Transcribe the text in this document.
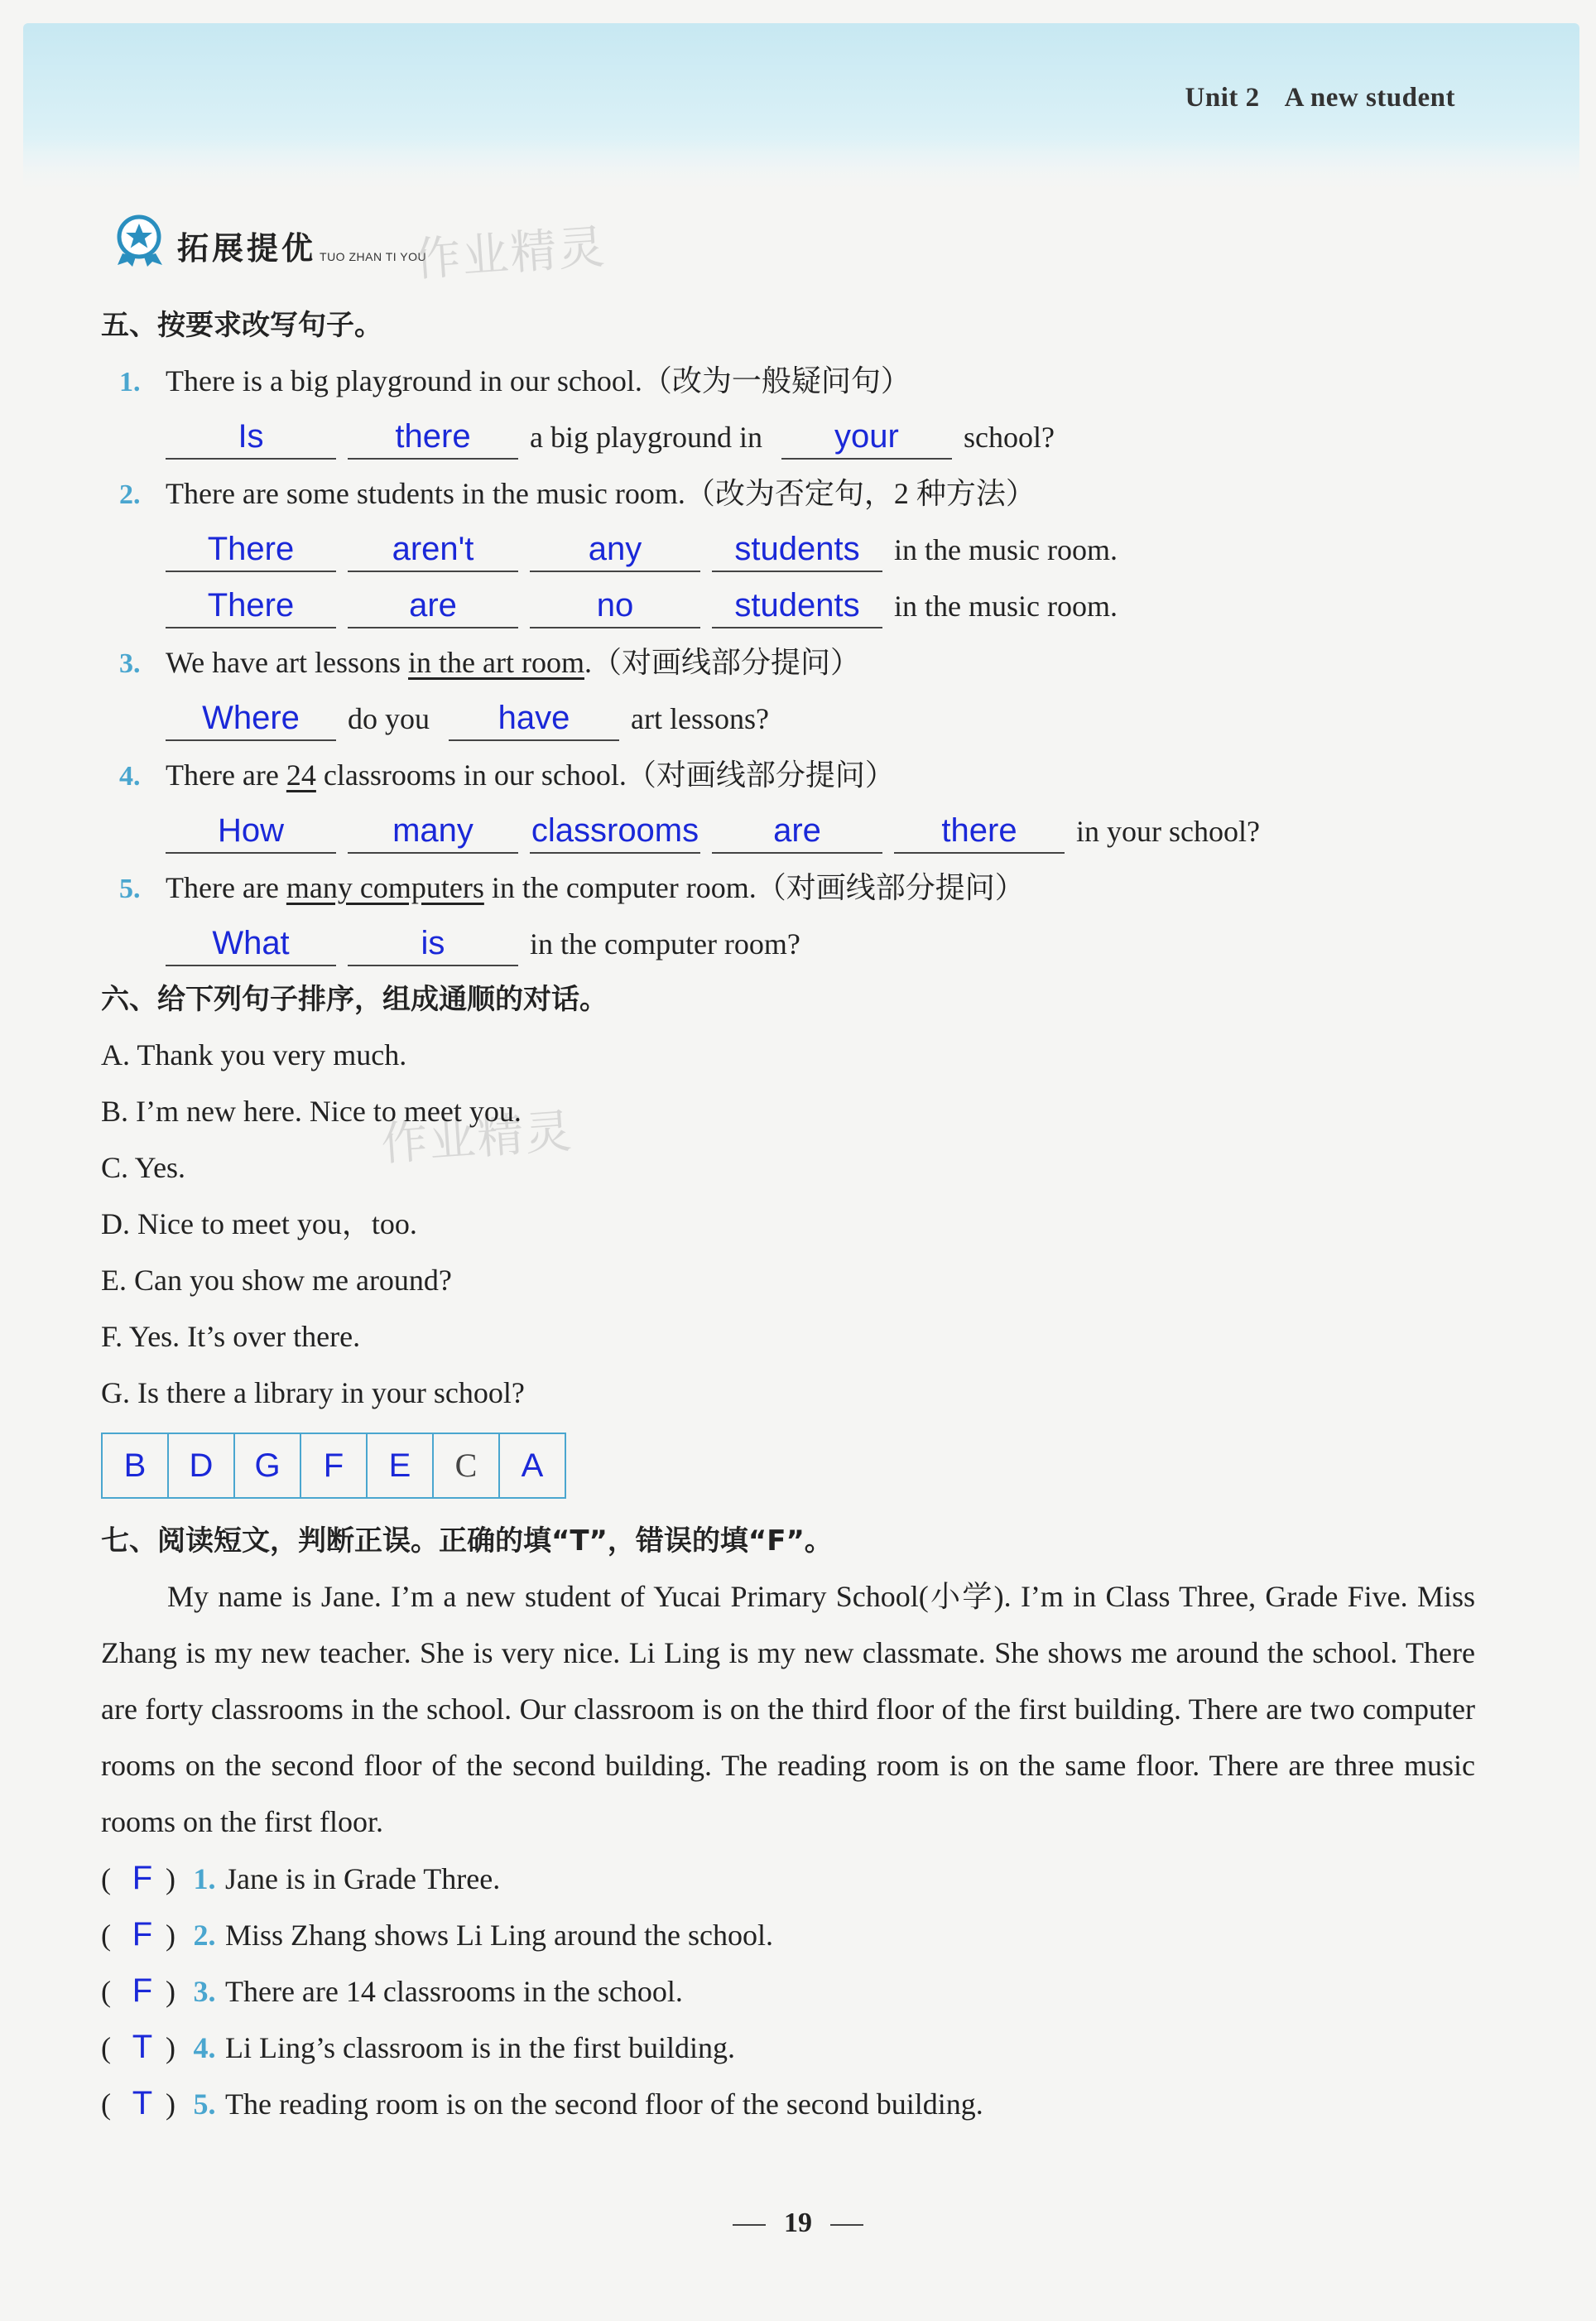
Unit 2 A new student
拓展提优 TUO ZHAN TI YOU
作业精灵
作业精灵
五、按要求改写句子。
1. There is a big playground in our school.（改为一般疑问句）
Is	there a big playground in your school?
2. There are some students in the music room.（改为否定句，2 种方法）
There	aren't	any	students in the music room.
There	are	no	students in the music room.
3. We have art lessons in the art room.（对画线部分提问）
Where do you have art lessons?
4. There are 24 classrooms in our school.（对画线部分提问）
How	many classrooms are	there in your school?
5. There are many computers in the computer room.（对画线部分提问）
What	is	in the computer room?
六、给下列句子排序，组成通顺的对话。
A. Thank you very much.
B. I’m new here. Nice to meet you.
C. Yes.
D. Nice to meet you，too.
E. Can you show me around?
F. Yes. It’s over there.
G. Is there a library in your school?
B	D	G	F	E	C	A
七、阅读短文，判断正误。正确的填“T”，错误的填“F”。
My name is Jane. I’m a new student of Yucai Primary School(小学). I’m in Class Three, Grade Five. Miss Zhang is my new teacher. She is very nice. Li Ling is my new classmate. She shows me around the school. There are forty classrooms in the school. Our classroom is on the third floor of the first building. There are two computer rooms on the second floor of the second building. The reading room is on the same floor. There are three music rooms on the first floor.
( F ) 1. Jane is in Grade Three.
( F ) 2. Miss Zhang shows Li Ling around the school.
( F ) 3. There are 14 classrooms in the school.
( T ) 4. Li Ling’s classroom is in the first building.
( T ) 5. The reading room is on the second floor of the second building.
19
